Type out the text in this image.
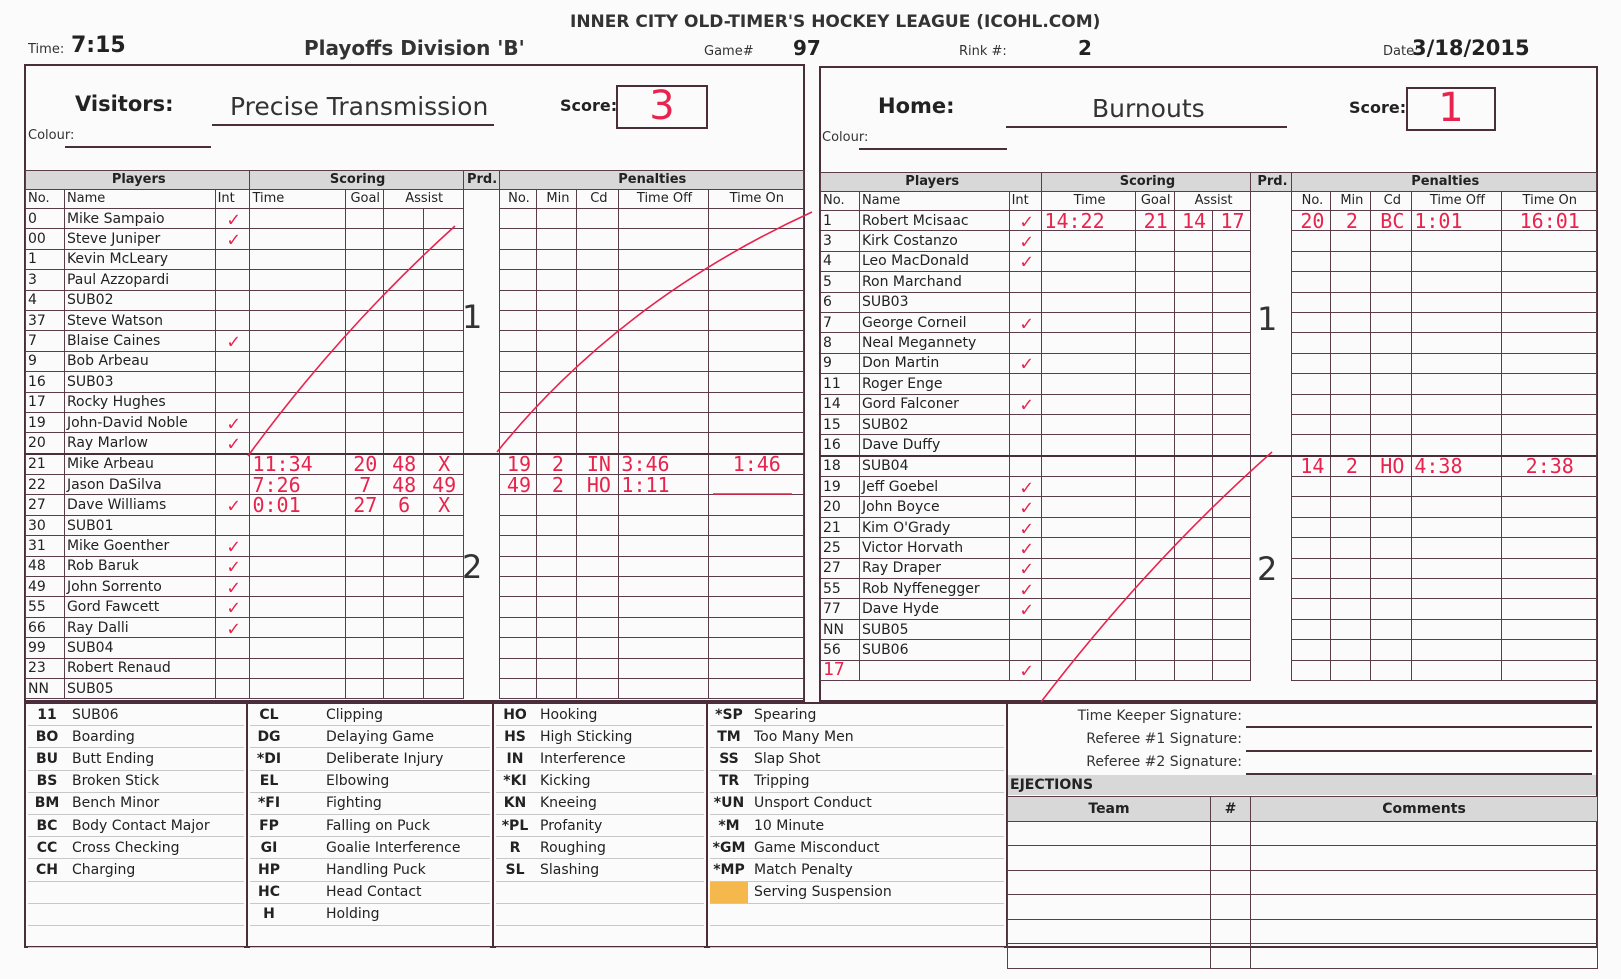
INNER CITY OLD-TIMER'S HOCKEY LEAGUE (ICOHL.COM)
Time: 7:15	Playoffs Division 'B'	Game# 97	Rink #:	2	Date:
3/18/2015
Visitors: Precise Transmission	Score: 3
Colour:
Players			Scoring				Prd.	Penalties				
No.	Name	Int	Time	Goal	Assist			No.	Min	Cd	Time Off	Time On
0	Mike Sampaio	✓										
00	Steve Juniper	✓										
1	Kevin McLeary											
3	Paul Azzopardi											
4	SUB02											
37	Steve Watson											
7	Blaise Caines	✓										
9	Bob Arbeau											
16	SUB03											
17	Rocky Hughes											
19	John-David Noble	✓										
20	Ray Marlow	✓										
21	Mike Arbeau		11:34	20	48	X		19	2	IN	3:46	1:46
22	Jason DaSilva		7:26	7	48	49		49	2	HO	1:11	
27	Dave Williams	✓	0:01	27	6	X						
30	SUB01											
31	Mike Goenther	✓										
48	Rob Baruk	✓										
49	John Sorrento	✓										
55	Gord Fawcett	✓										
66	Ray Dalli	✓										
99	SUB04											
23	Robert Renaud											
NN	SUB05											
1
2
Home:	Burnouts	Score: 1
Colour:
Players			Scoring				Prd.	Penalties				
No.	Name	Int	Time	Goal	Assist			No.	Min	Cd	Time Off	Time On
1	Robert Mcisaac	✓	14:22	21	14	17		20	2	BC	1:01	16:01
3	Kirk Costanzo	✓										
4	Leo MacDonald	✓										
5	Ron Marchand											
6	SUB03											
7	George Corneil	✓										
8	Neal Megannety											
9	Don Martin	✓										
11	Roger Enge											
14	Gord Falconer	✓										
15	SUB02											
16	Dave Duffy											
18	SUB04							14	2	HO	4:38	2:38
19	Jeff Goebel	✓										
20	John Boyce	✓										
21	Kim O'Grady	✓										
25	Victor Horvath	✓										
27	Ray Draper	✓										
55	Rob Nyffenegger	✓										
77	Dave Hyde	✓										
NN	SUB05											
56	SUB06											
17		✓										
1
2
11	SUB06
BO	Boarding
BU	Butt Ending
BS	Broken Stick
BM	Bench Minor
BC	Body Contact Major
CC	Cross Checking
CH	Charging

CL	Clipping
DG	Delaying Game
*DI	Deliberate Injury
EL	Elbowing
*FI	Fighting
FP	Falling on Puck
GI	Goalie Interference
HP	Handling Puck
HC	Head Contact
H	Holding

HO	Hooking
HS	High Sticking
IN	Interference
*KI	Kicking
KN	Kneeing
*PL	Profanity
R	Roughing
SL	Slashing

*SP	Spearing
TM	Too Many Men
SS	Slap Shot
TR	Tripping
*UN	Unsport Conduct
*M	10 Minute
*GM	Game Misconduct
*MP	Match Penalty
	Serving Suspension

Time Keeper Signature:
Referee #1 Signature:
Referee #2 Signature:
EJECTIONS
Team	#	Comments
